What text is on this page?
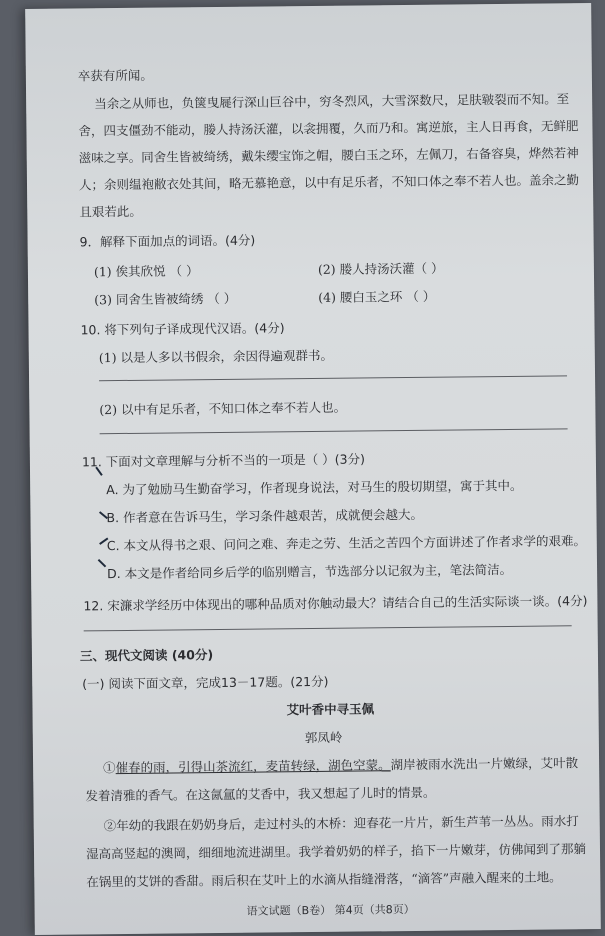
卒获有所闻。
当余之从师也，负箧曳屣行深山巨谷中，穷冬烈风，大雪深数尺，足肤皲裂而不知。至
舍，四支僵劲不能动，媵人持汤沃灌，以衾拥覆，久而乃和。寓逆旅，主人日再食，无鲜肥
滋味之享。同舍生皆被绮绣，戴朱缨宝饰之帽，腰白玉之环，左佩刀，右备容臭，烨然若神
人；余则缊袍敝衣处其间，略无慕艳意，以中有足乐者，不知口体之奉不若人也。盖余之勤
且艰若此。
9．解释下面加点的词语。(4分)
(1) 俟其欣悦 （ ）	(2) 媵人持汤沃灌（ ）
(3) 同舍生皆被绮绣 （ ）	(4) 腰白玉之环 （ ）
10. 将下列句子译成现代汉语。(4分)
(1) 以是人多以书假余，余因得遍观群书。
(2) 以中有足乐者，不知口体之奉不若人也。
11. 下面对文章理解与分析不当的一项是（ ）(3分)
A. 为了勉励马生勤奋学习，作者现身说法，对马生的殷切期望，寓于其中。
B. 作者意在告诉马生，学习条件越艰苦，成就便会越大。
C. 本文从得书之艰、问问之难、奔走之劳、生活之苦四个方面讲述了作者求学的艰难。
D. 本文是作者给同乡后学的临别赠言，节选部分以记叙为主，笔法简洁。
12. 宋濂求学经历中体现出的哪种品质对你触动最大？请结合自己的生活实际谈一谈。(4分)
三、现代文阅读 (40分)
(一) 阅读下面文章，完成13－17题。(21分)
艾叶香中寻玉佩
郭凤岭
①催春的雨，引得山茶流红，麦苗转绿，湖色空蒙。湖岸被雨水洗出一片嫩绿，艾叶散
发着清雅的香气。在这氤氲的艾香中，我又想起了儿时的情景。
②年幼的我跟在奶奶身后，走过村头的木桥：迎春花一片片，新生芦苇一丛丛。雨水打
湿高高竖起的澳岡，细细地流进湖里。我学着奶奶的样子，掐下一片嫩芽，仿佛闻到了那躺
在锅里的艾饼的香甜。雨后积在艾叶上的水滴从指缝滑落，“滴答”声融入醒来的土地。
语文试题（B卷） 第4页（共8页）
